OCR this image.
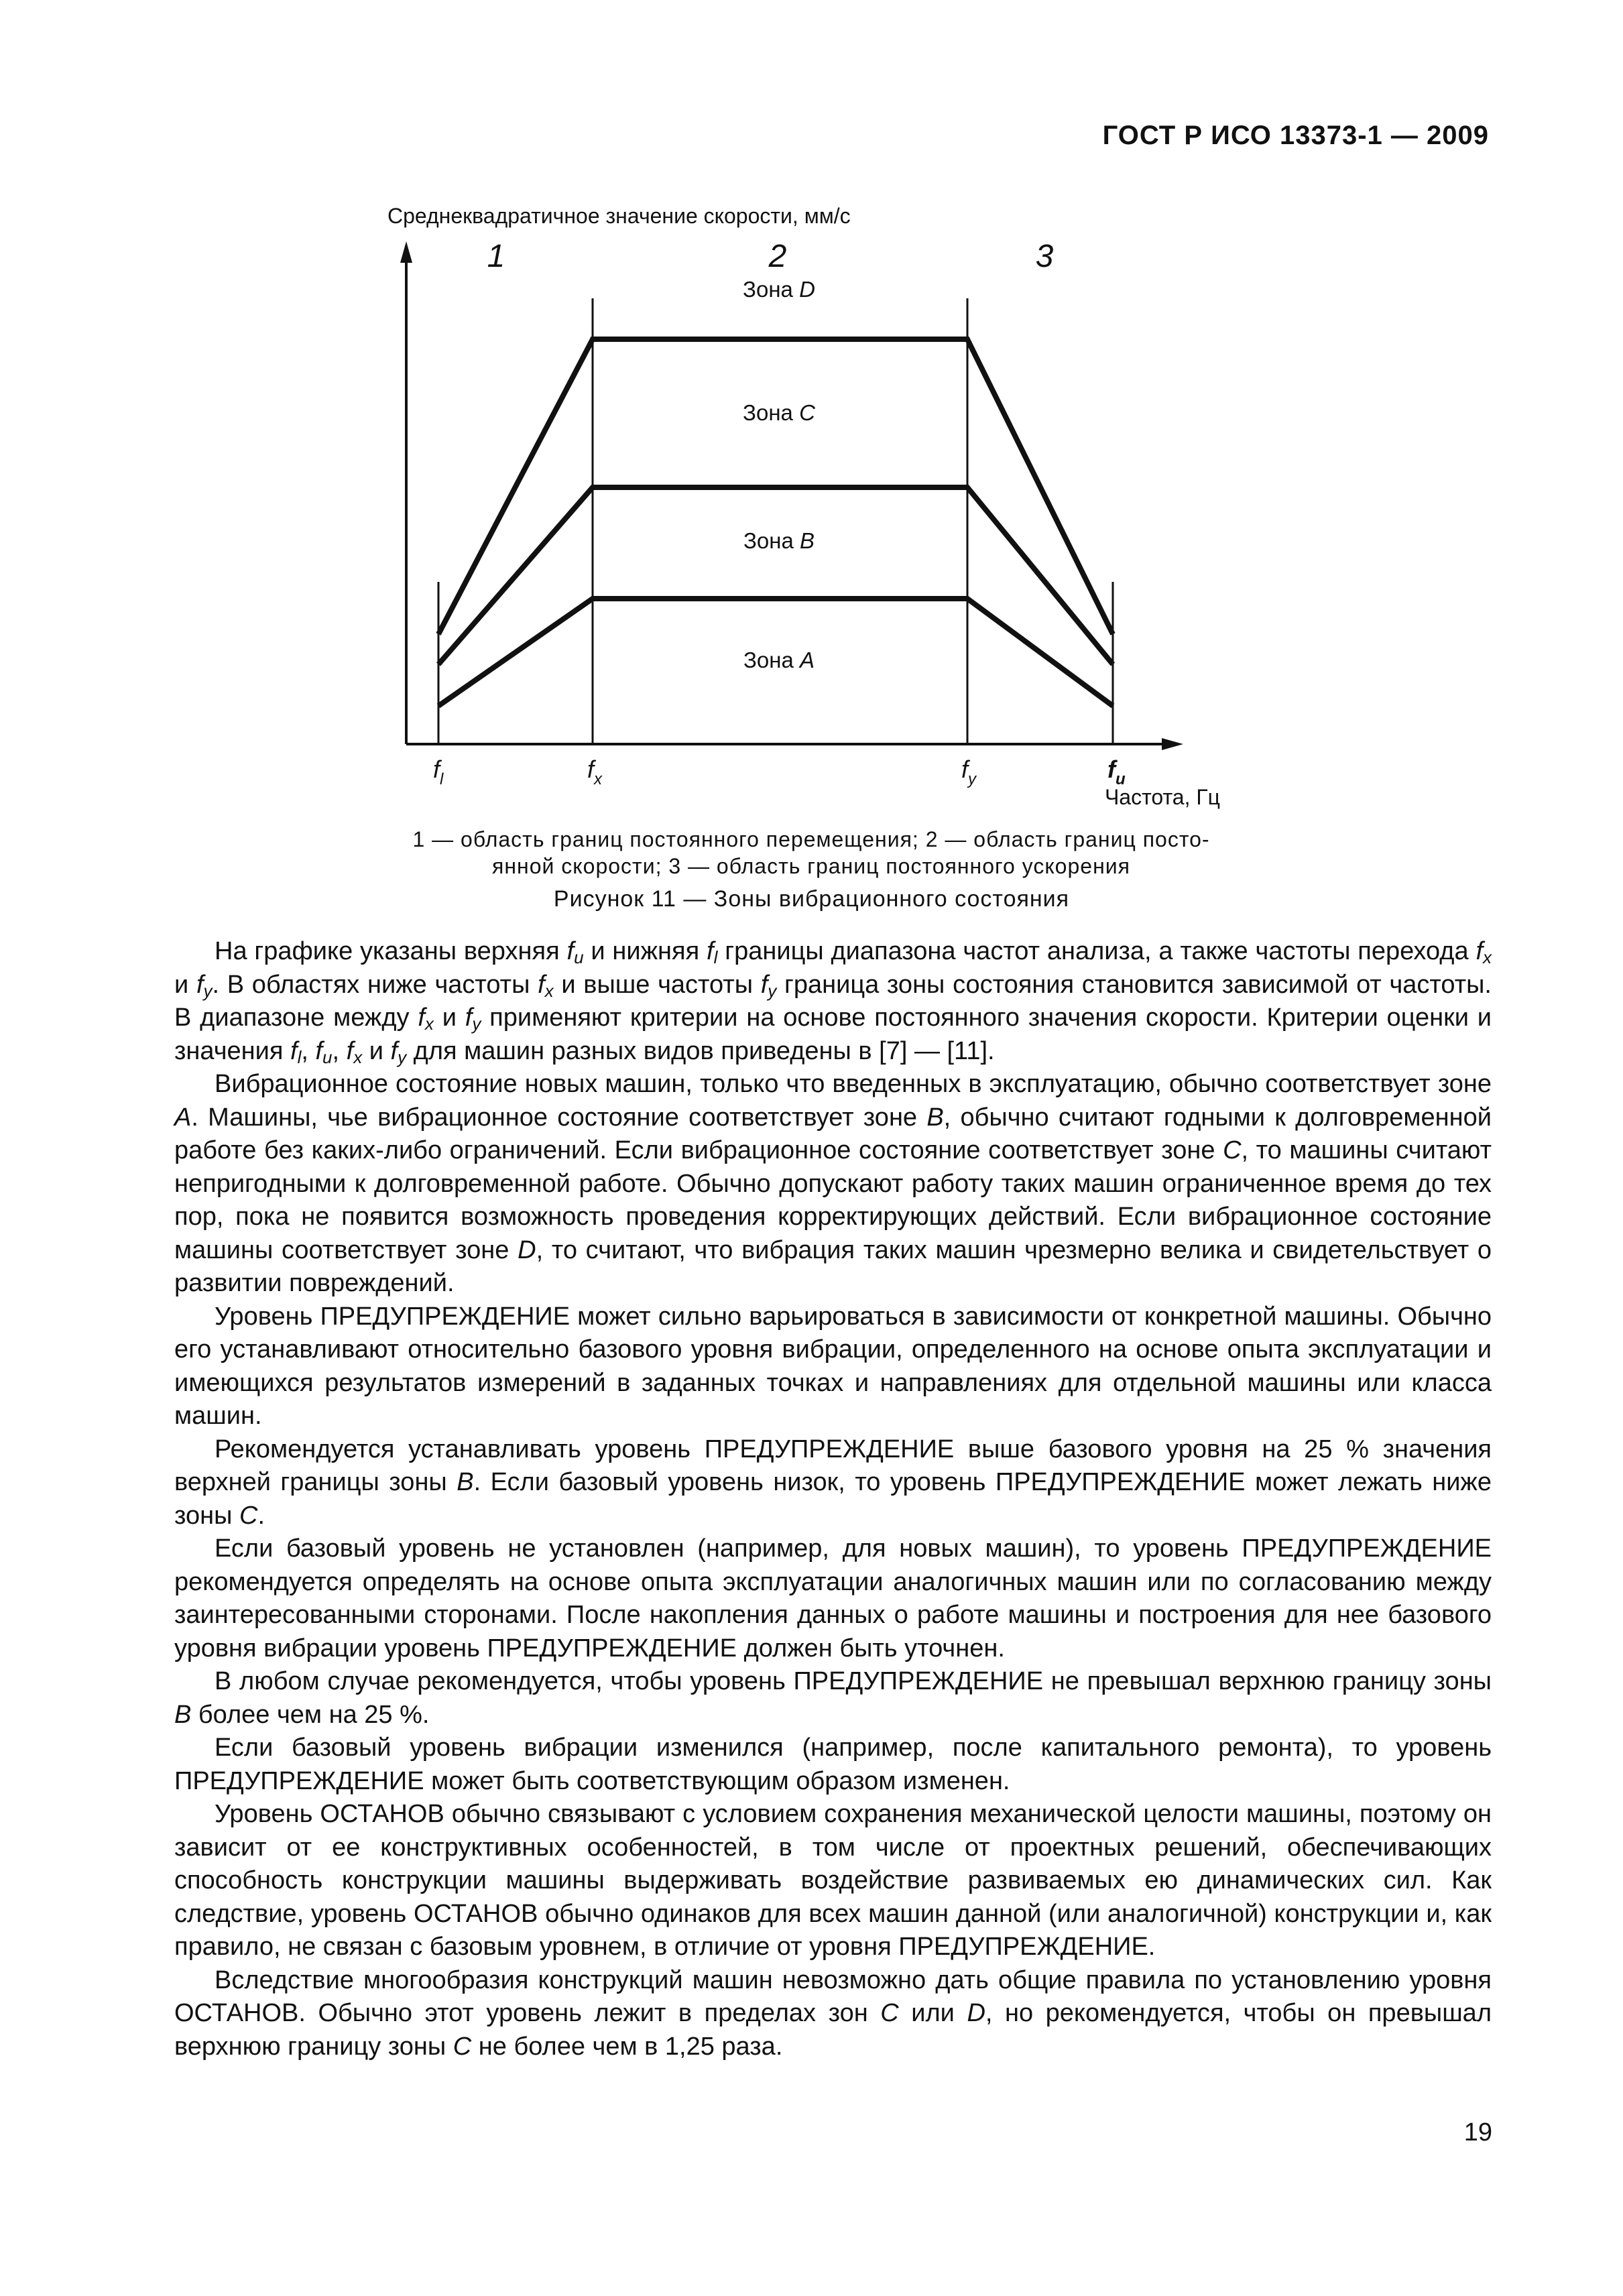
ГОСТ Р ИСО 13373-1 — 2009
Среднеквадратичное значение скорости, мм/с
1	2	3
Зона D
Зона C
Зона B
Зона A
$f_l$	$f_x$	$f_y$	$f_u$
Частота, Гц
1 — область границ постоянного перемещения; 2 — область границ посто-
янной скорости; 3 — область границ постоянного ускорения
Рисунок 11 — Зоны вибрационного состояния

На графике указаны верхняя $f_u$ и нижняя $f_l$ границы диапазона частот анализа, а также частоты перехода $f_x$ и $f_y$. В областях ниже частоты $f_x$ и выше частоты $f_y$ граница зоны состояния становится зависимой от частоты. В диапазоне между $f_x$ и $f_y$ применяют критерии на основе постоянного значения скорости. Критерии оценки и значения $f_l$, $f_u$, $f_x$ и $f_y$ для машин разных видов приведены в [7] — [11].

Вибрационное состояние новых машин, только что введенных в эксплуатацию, обычно соответствует зоне A. Машины, чье вибрационное состояние соответствует зоне B, обычно считают годными к долговременной работе без каких-либо ограничений. Если вибрационное состояние соответствует зоне C, то машины считают непригодными к долговременной работе. Обычно допускают работу таких машин ограниченное время до тех пор, пока не появится возможность проведения корректирующих действий. Если вибрационное состояние машины соответствует зоне D, то считают, что вибрация таких машин чрезмерно велика и свидетельствует о развитии повреждений.

Уровень ПРЕДУПРЕЖДЕНИЕ может сильно варьироваться в зависимости от конкретной машины. Обычно его устанавливают относительно базового уровня вибрации, определенного на основе опыта эксплуатации и имеющихся результатов измерений в заданных точках и направлениях для отдельной машины или класса машин.

Рекомендуется устанавливать уровень ПРЕДУПРЕЖДЕНИЕ выше базового уровня на 25 % значения верхней границы зоны B. Если базовый уровень низок, то уровень ПРЕДУПРЕЖДЕНИЕ может лежать ниже зоны C.

Если базовый уровень не установлен (например, для новых машин), то уровень ПРЕДУПРЕЖДЕНИЕ рекомендуется определять на основе опыта эксплуатации аналогичных машин или по согласованию между заинтересованными сторонами. После накопления данных о работе машины и построения для нее базового уровня вибрации уровень ПРЕДУПРЕЖДЕНИЕ должен быть уточнен.

В любом случае рекомендуется, чтобы уровень ПРЕДУПРЕЖДЕНИЕ не превышал верхнюю границу зоны B более чем на 25 %.

Если базовый уровень вибрации изменился (например, после капитального ремонта), то уровень ПРЕДУПРЕЖДЕНИЕ может быть соответствующим образом изменен.

Уровень ОСТАНОВ обычно связывают с условием сохранения механической целости машины, поэтому он зависит от ее конструктивных особенностей, в том числе от проектных решений, обеспечивающих способность конструкции машины выдерживать воздействие развиваемых ею динамических сил. Как следствие, уровень ОСТАНОВ обычно одинаков для всех машин данной (или аналогичной) конструкции и, как правило, не связан с базовым уровнем, в отличие от уровня ПРЕДУПРЕЖДЕНИЕ.

Вследствие многообразия конструкций машин невозможно дать общие правила по установлению уровня ОСТАНОВ. Обычно этот уровень лежит в пределах зон C или D, но рекомендуется, чтобы он превышал верхнюю границу зоны C не более чем в 1,25 раза.

19
